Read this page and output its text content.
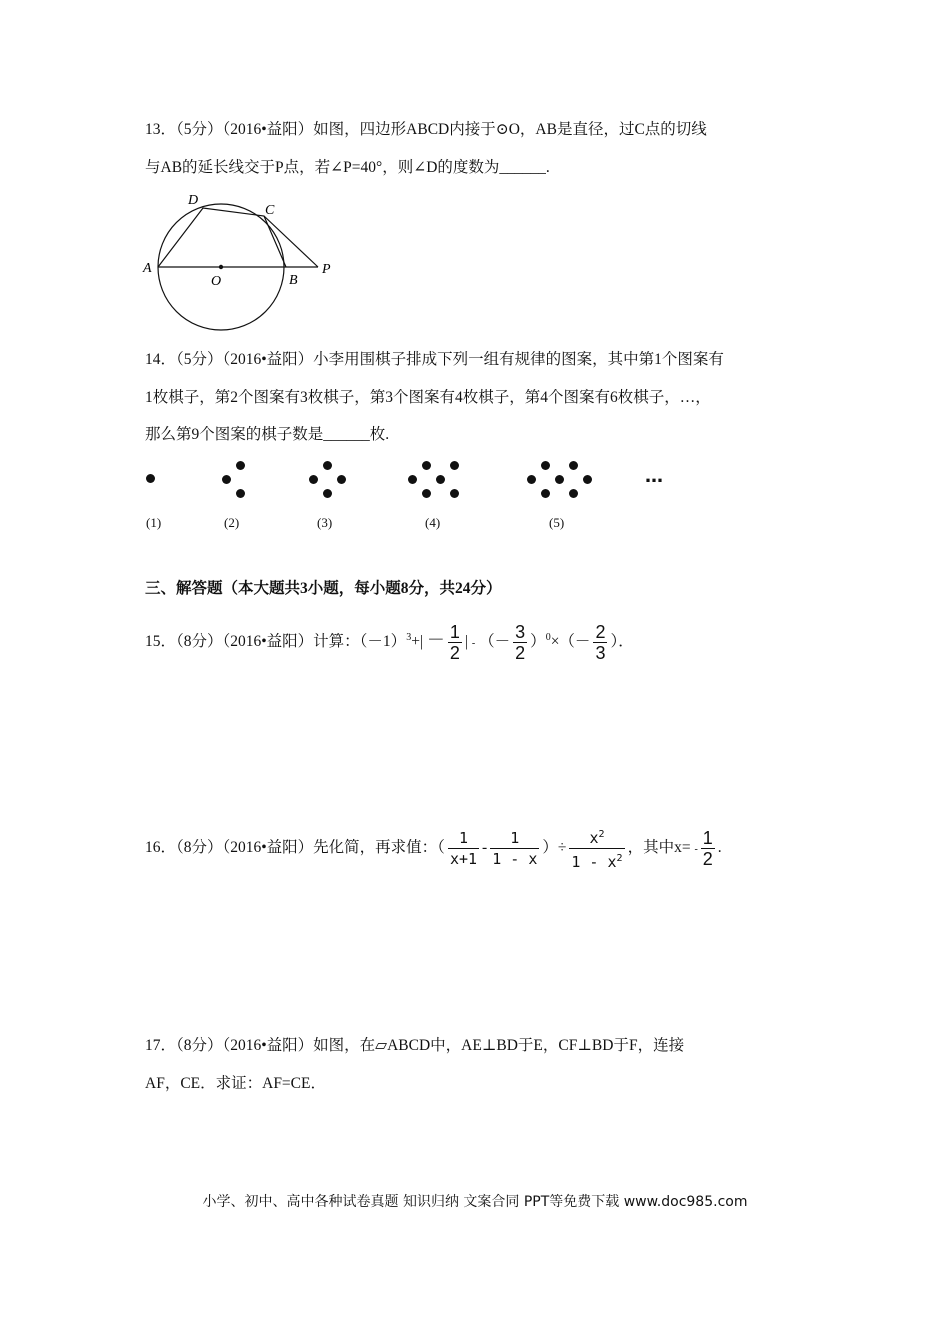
13．（5分）（2016•益阳）如图，四边形ABCD内接于⊙O，AB是直径，过C点的切线
与AB的延长线交于P点，若∠P=40°，则∠D的度数为______.
A
D
C
O	B
P
14．（5分）（2016•益阳）小李用围棋子排成下列一组有规律的图案，其中第1个图案有
1枚棋子，第2个图案有3枚棋子，第3个图案有4枚棋子，第4个图案有6枚棋子，…，
那么第9个图案的棋子数是______枚.
…
(1)	(2)	(3)	(4)	(5)
三、解答题（本大题共3小题，每小题8分，共24分）
15．（8分）（2016•益阳）计算：$(-1)^3+| - \frac{1}{2}$ | - （－ $\frac{3}{2} )^0\times(- \frac{2}{3}$ ）．
16．（8分）（2016•益阳）先化简，再求值：（ $\frac{1}{x+1} - \frac{1}{1 - x}$ ）÷ $\frac{x^2}{1 - x^2}$ ，其中$x= - \frac{1}{2}$ .
17．（8分）（2016•益阳）如图，在▱ABCD中，AE⊥BD于E，CF⊥BD于F，连接
AF，CE．求证：AF=CE．
小学、初中、高中各种试卷真题 知识归纳 文案合同 PPT等免费下载 www.doc985.com
